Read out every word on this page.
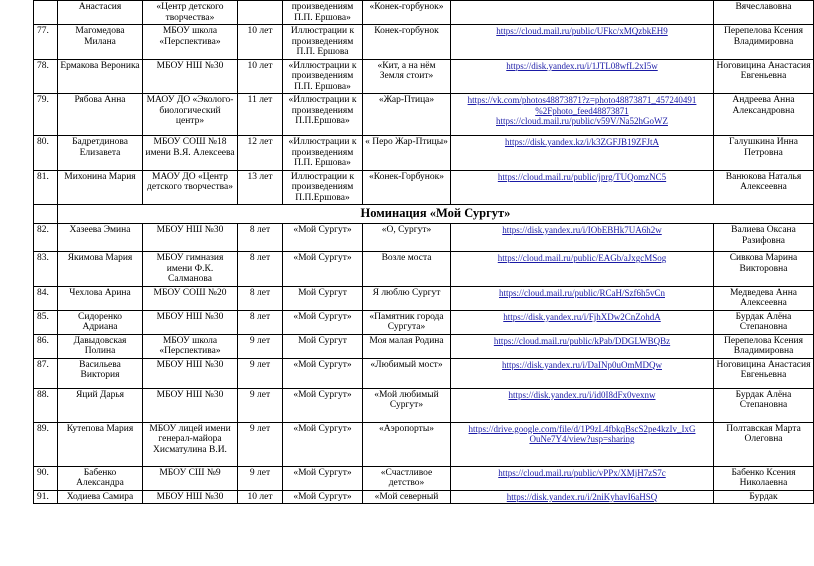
	Анастасия	«Центр детского творчества»		произведениям П.П. Ершова»	«Конек-горбунок»		Вячеславовна
77.	Магомедова Милана	МБОУ школа «Перспектива»	10 лет	Иллюстрации к произведениям П.П. Ершова	Конек-горбунок	https://cloud.mail.ru/public/UFkc/xMQzbkEH9	Перепелова Ксения Владимировна
78.	Ермакова Вероника	МБОУ НШ №30	10 лет	«Иллюстрации к произведениям П.П. Ершова»	«Кит, а на нём Земля стоит»	https://disk.yandex.ru/i/1JTL08wfL2xI5w	Ноговицина Анастасия Евгеньевна
79.	Рябова Анна	МАОУ ДО «Эколого-биологический центр»	11 лет	«Иллюстрации к произведениям П.П.Ершова»	«Жар-Птица»	https://vk.com/photos48873871?z=photo48873871_457240491
%2Fphoto_feed48873871
https://cloud.mail.ru/public/v59V/Na52hGoWZ	Андреева Анна Александровна
80.	Бадретдинова Елизавета	МБОУ СОШ №18 имени В.Я. Алексеева	12 лет	«Иллюстрации к произведениям П.П. Ершова»	« Перо Жар-Птицы»	https://disk.yandex.kz/i/k3ZGFJB19ZFJtA	Галушкина Инна Петровна
81.	Михонина Мария	МАОУ ДО «Центр детского творчества»	13 лет	Иллюстрации к произведениям П.П.Ершова»	«Конек-Горбунок»	https://cloud.mail.ru/public/jprg/TUQomzNC5	Ванюкова Наталья Алексеевна
	Номинация «Мой Сургут»						
82.	Хазеева Эмина	МБОУ НШ №30	8 лет	«Мой Сургут»	«О, Сургут»	https://disk.yandex.ru/i/IObEBHk7UA6h2w	Валиева Оксана Разифовна
83.	Якимова Мария	МБОУ гимназия имени Ф.К. Салманова	8 лет	«Мой Сургут»	Возле моста	https://cloud.mail.ru/public/EAGb/aJxgcMSog	Сивкова Марина Викторовна
84.	Чехлова Арина	МБОУ СОШ №20	8 лет	Мой Сургут	Я люблю Сургут	https://cloud.mail.ru/public/RCaH/Szf6h5vCn	Медведева Анна Алексеевна
85.	Сидоренко Адриана	МБОУ НШ №30	8 лет	«Мой Сургут»	«Памятник города Сургута»	https://disk.yandex.ru/i/FjhXDw2CnZohdA	Бурдак Алёна Степановна
86.	Давыдовская Полина	МБОУ школа «Перспектива»	9 лет	Мой Сургут	Моя малая Родина	https://cloud.mail.ru/public/kPab/DDGLWBQBz	Перепелова Ксения Владимировна
87.	Васильева Виктория	МБОУ НШ №30	9 лет	«Мой Сургут»	«Любимый мост»	https://disk.yandex.ru/i/DaINp0uOmMDQw	Ноговицина Анастасия Евгеньевна
88.	Яций Дарья	МБОУ НШ №30	9 лет	«Мой Сургут»	«Мой любимый Сургут»	https://disk.yandex.ru/i/id0I8dFx0vexnw	Бурдак Алёна Степановна
89.	Кутепова Мария	МБОУ лицей имени генерал-майора Хисматулина В.И.	9 лет	«Мой Сургут»	«Аэропорты»	https://drive.google.com/file/d/1P9zL4fbkqBscS2pe4kzIv_IxG
OuNe7Y4/view?usp=sharing	Полтавская Марта Олеговна
90.	Бабенко Александра	МБОУ СШ №9	9 лет	«Мой Сургут»	«Счастливое детство»	https://cloud.mail.ru/public/vPPx/XMjH7zS7c	Бабенко Ксения Николаевна
91.	Ходиева Самира	МБОУ НШ №30	10 лет	«Мой Сургут»	«Мой северный	https://disk.yandex.ru/i/2niKyhavI6aHSQ	Бурдак
